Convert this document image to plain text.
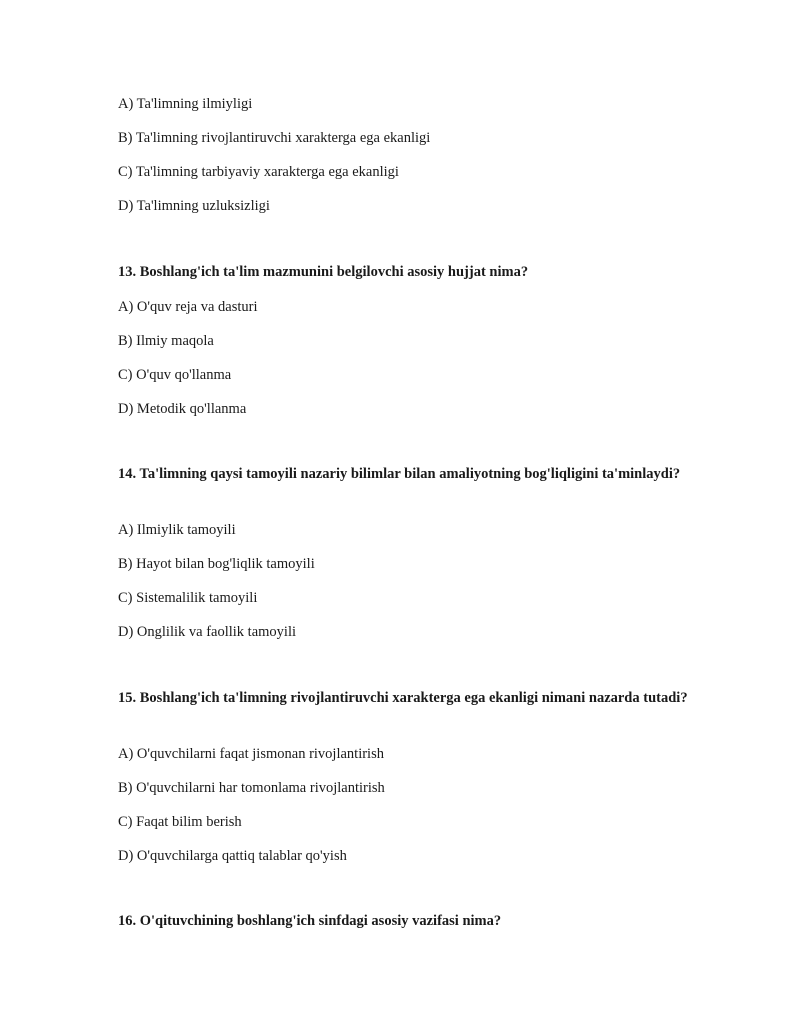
A) Ta'limning ilmiyligi
B) Ta'limning rivojlantiruvchi xarakterga ega ekanligi
C) Ta'limning tarbiyaviy xarakterga ega ekanligi
D) Ta'limning uzluksizligi
13. Boshlang'ich ta'lim mazmunini belgilovchi asosiy hujjat nima?
A) O'quv reja va dasturi
B) Ilmiy maqola
C) O'quv qo'llanma
D) Metodik qo'llanma
14. Ta'limning qaysi tamoyili nazariy bilimlar bilan amaliyotning bog'liqligini ta'minlaydi?
A) Ilmiylik tamoyili
B) Hayot bilan bog'liqlik tamoyili
C) Sistemalilik tamoyili
D) Onglilik va faollik tamoyili
15. Boshlang'ich ta'limning rivojlantiruvchi xarakterga ega ekanligi nimani nazarda tutadi?
A) O'quvchilarni faqat jismonan rivojlantirish
B) O'quvchilarni har tomonlama rivojlantirish
C) Faqat bilim berish
D) O'quvchilarga qattiq talablar qo'yish
16. O'qituvchining boshlang'ich sinfdagi asosiy vazifasi nima?
